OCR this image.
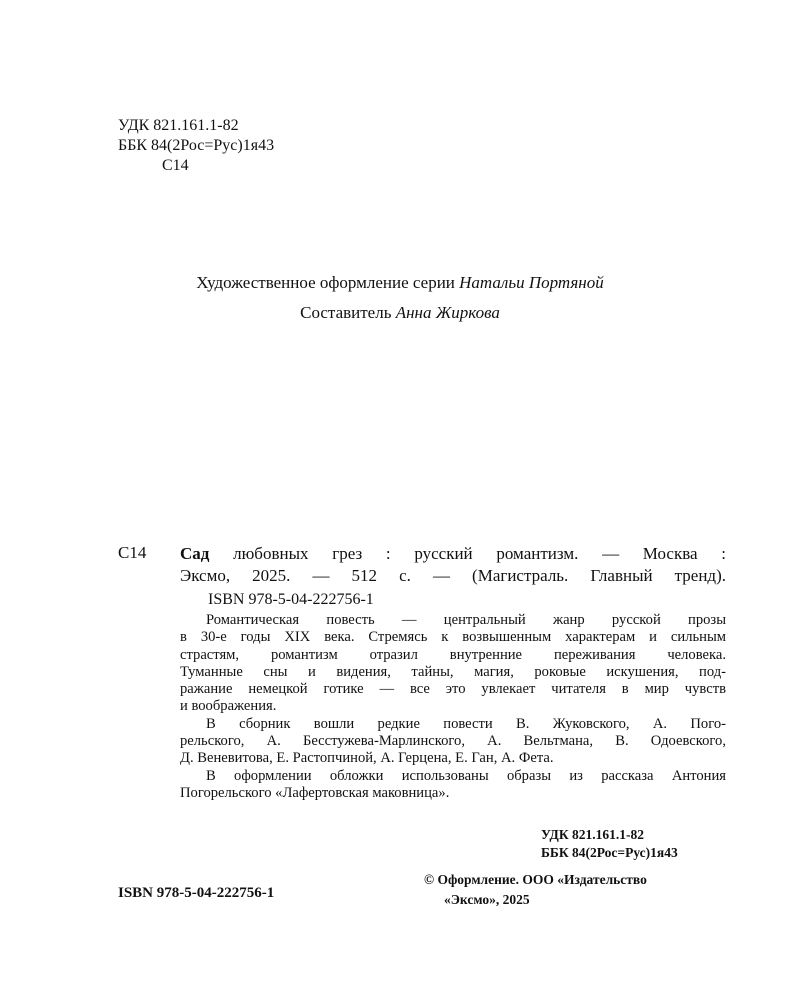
УДК 821.161.1-82
ББК 84(2Рос=Рус)1я43
С14
Художественное оформление серии Натальи Портяной
Составитель Анна Жиркова
С14 Сад любовных грез : русский романтизм. — Москва :
Эксмо, 2025. — 512 с. — (Магистраль. Главный тренд).
ISBN 978-5-04-222756-1
Романтическая повесть — центральный жанр русской прозы
в 30-е годы XIX века. Стремясь к возвышенным характерам и сильным
страстям, романтизм отразил внутренние переживания человека.
Туманные сны и видения, тайны, магия, роковые искушения, под-
ражание немецкой готике — все это увлекает читателя в мир чувств
и воображения.
В сборник вошли редкие повести В. Жуковского, А. Пого-
рельского, А. Бесстужева-Марлинского, А. Вельтмана, В. Одоевского,
Д. Веневитова, Е. Растопчиной, А. Герцена, Е. Ган, А. Фета.
В оформлении обложки использованы образы из рассказа Антония
Погорельского «Лафертовская маковница».
УДК 821.161.1-82
ББК 84(2Рос=Рус)1я43
© Оформление. ООО «Издательство
«Эксмо», 2025
ISBN 978-5-04-222756-1
